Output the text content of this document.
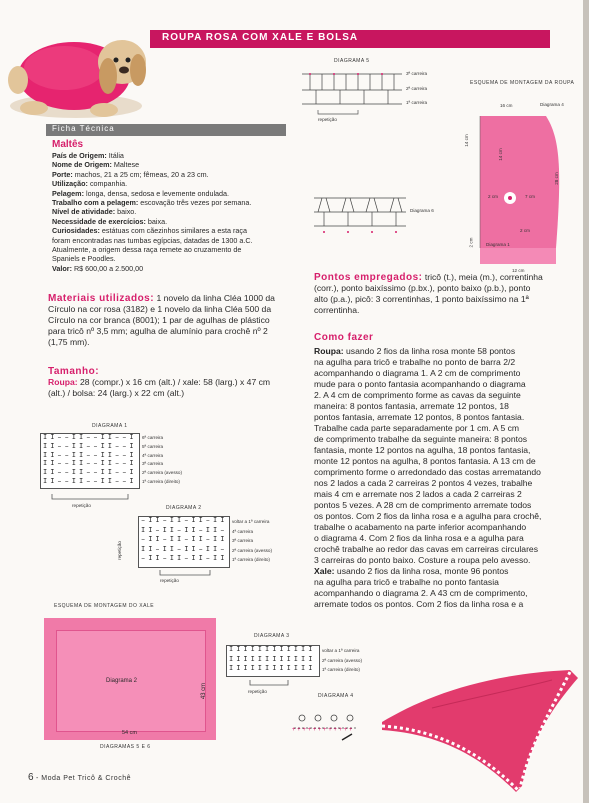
ROUPA ROSA COM XALE E BOLSA
Ficha Técnica
Maltês
País de Origem: Itália
Nome de Origem: Maltese
Porte: machos, 21 a 25 cm; fêmeas, 20 a 23 cm.
Utilização: companhia.
Pelagem: longa, densa, sedosa e levemente ondulada.
Trabalho com a pelagem: escovação três vezes por semana.
Nível de atividade: baixo.
Necessidade de exercícios: baixa.
Curiosidades: estátuas com cãezinhos similares a esta raça
foram encontradas nas tumbas egípcias, datadas de 1300 a.C.
Atualmente, a origem dessa raça remete ao cruzamento de
Spaniels e Poodles.
Valor: R$ 600,00 a 2.500,00
Materiais utilizados: 1 novelo da linha Cléa 1000 da
Círculo na cor rosa (3182) e 1 novelo da linha Cléa 500 da
Círculo na cor branca (8001); 1 par de agulhas de plástico
para tricô nº 3,5 mm; agulha de alumínio para crochê nº 2
(1,75 mm).
Tamanho:
Roupa: 28 (compr.) x 16 cm (alt.) / xale: 58 (larg.) x 47 cm
(alt.) / bolsa: 24 (larg.) x 22 cm (alt.)
DIAGRAMA 1
I I – – I I – – I I – – I
I I – – I I – – I I – – I
I I – – I I – – I I – – I
I I – – I I – – I I – – I
I I – – I I – – I I – – I
I I – – I I – – I I – – I
6ª carreira
5ª carreira
4ª carreira
3ª carreira
2ª carreira (avesso)
1ª carreira (direito)
repetição	DIAGRAMA 2
repetição
– I I – I I – I I – I I
I I – I I – I I – I I –
– I I – I I – I I – I I
I I – I I – I I – I I –
– I I – I I – I I – I I
voltar a 1ª carreira
4ª carreira
3ª carreira
2ª carreira (avesso)
1ª carreira (direito)
repetição
ESQUEMA DE MONTAGEM DO XALE
Diagrama 2
43 cm
54 cm
DIAGRAMAS 5 E 6
DIAGRAMA 3
I I I I I I I I I I I I
I I I I I I I I I I I I
I I I I I I I I I I I I
voltar a 1ª carreira
2ª carreira (avesso)
1ª carreira (direito)
repetição
DIAGRAMA 4
+ + + + + + + + + + + +
DIAGRAMA 5
3ª carreira
2ª carreira
1ª carreira
repetição
Diagrama 6
ESQUEMA DE MONTAGEM DA ROUPA
16 cm	Diagrama 4
14 cm
28 cm
14 cm
2 cm	7 cm
2 cm
2 cm	Diagrama 1
12 cm
Pontos empregados: tricô (t.), meia (m.), correntinha
(corr.), ponto baixíssimo (p.bx.), ponto baixo (p.b.), ponto
alto (p.a.), picô: 3 correntinhas, 1 ponto baixíssimo na 1ª
correntinha.
Como fazer
Roupa: usando 2 fios da linha rosa monte 58 pontos
na agulha para tricô e trabalhe no ponto de barra 2/2
acompanhando o diagrama 1. A 2 cm de comprimento
mude para o ponto fantasia acompanhando o diagrama
2. A 4 cm de comprimento forme as cavas da seguinte
maneira: 8 pontos fantasia, arremate 12 pontos, 18
pontos fantasia, arremate 12 pontos, 8 pontos fantasia.
Trabalhe cada parte separadamente por 1 cm. A 5 cm
de comprimento trabalhe da seguinte maneira: 8 pontos
fantasia, monte 12 pontos na agulha, 18 pontos fantasia,
monte 12 pontos na agulha, 8 pontos fantasia. A 13 cm de
comprimento forme o arredondado das costas arrematando
nos 2 lados a cada 2 carreiras 2 pontos 4 vezes, trabalhe
mais 4 cm e arremate nos 2 lados a cada 2 carreiras 2
pontos 5 vezes. A 28 cm de comprimento arremate todos
os pontos. Com 2 fios da linha rosa e a agulha para crochê,
trabalhe o acabamento na parte inferior acompanhando
o diagrama 4. Com 2 fios da linha rosa e a agulha para
crochê trabalhe ao redor das cavas em carreiras circulares
3 carreiras do ponto baixo. Costure a roupa pelo avesso.
Xale: usando 2 fios da linha rosa, monte 96 pontos
na agulha para tricô e trabalhe no ponto fantasia
acompanhando o diagrama 2. A 43 cm de comprimento,
arremate todos os pontos. Com 2 fios da linha rosa e a
6 - Moda Pet Tricô & Crochê
